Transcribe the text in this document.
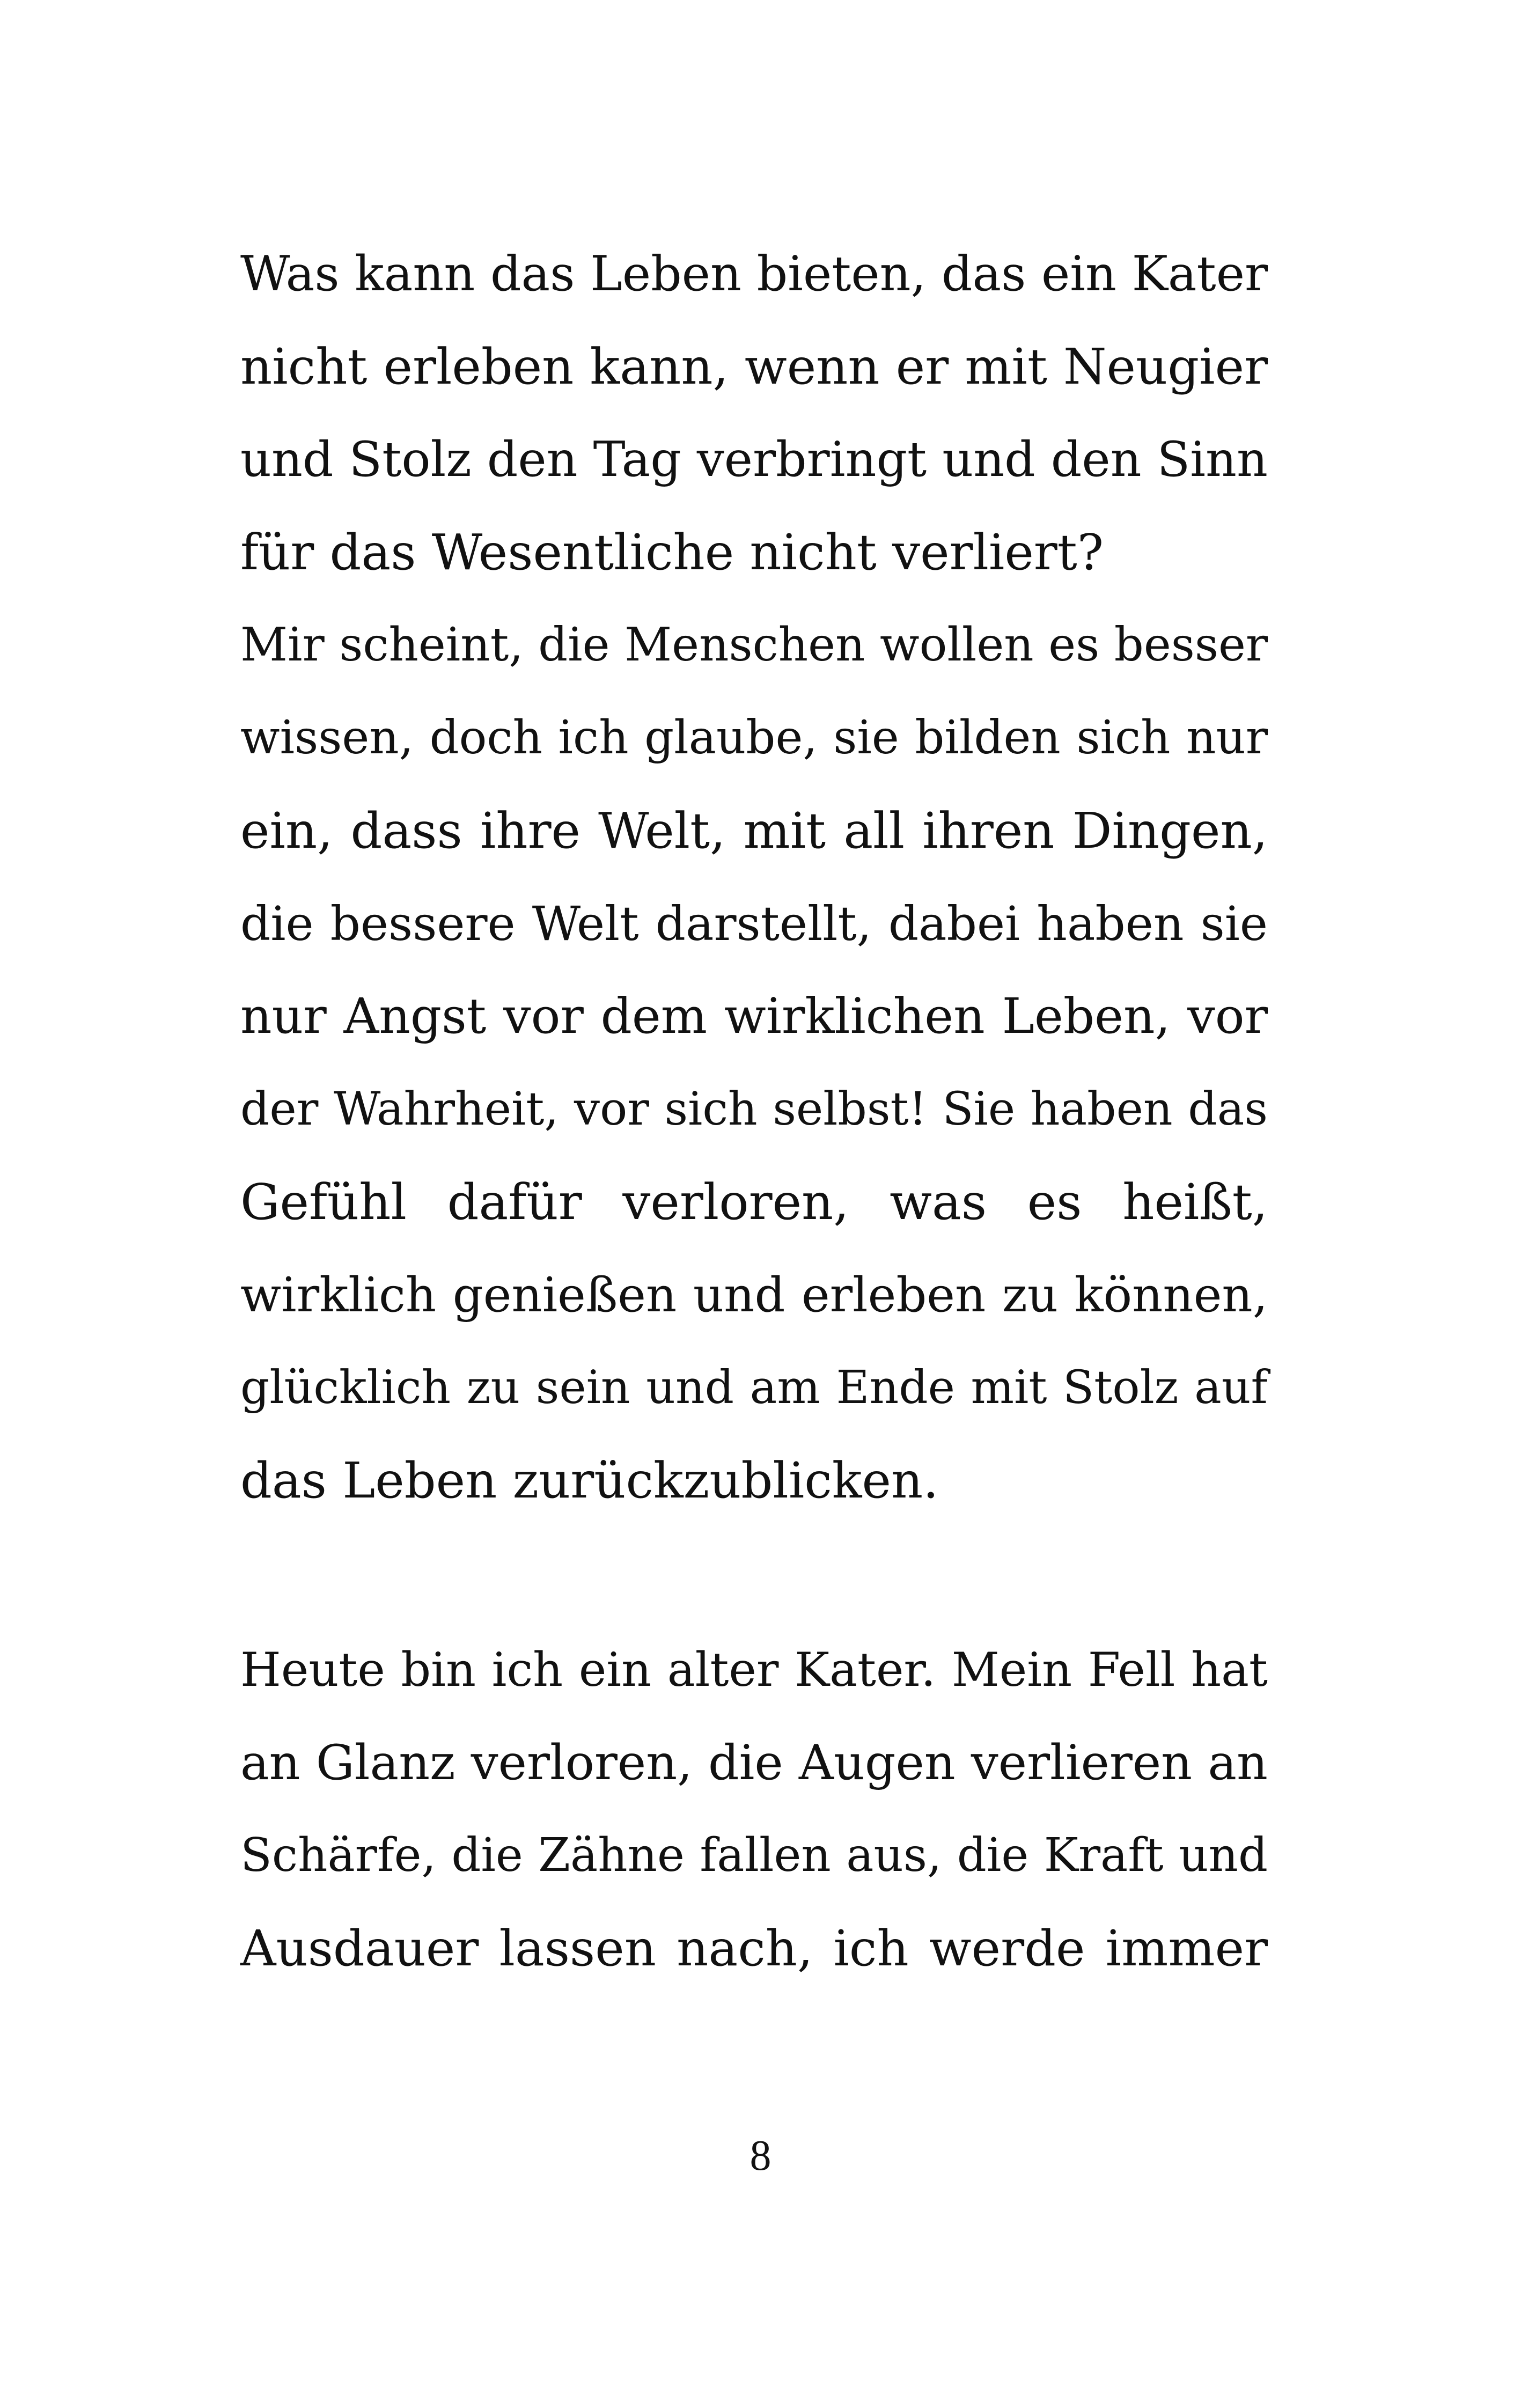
Was kann das Leben bieten, das ein Kater
nicht erleben kann, wenn er mit Neugier
und Stolz den Tag verbringt und den Sinn
für das Wesentliche nicht verliert?
Mir scheint, die Menschen wollen es besser
wissen, doch ich glaube, sie bilden sich nur
ein, dass ihre Welt, mit all ihren Dingen,
die bessere Welt darstellt, dabei haben sie
nur Angst vor dem wirklichen Leben, vor
der Wahrheit, vor sich selbst! Sie haben das
Gefühl dafür verloren, was es heißt,
wirklich genießen und erleben zu können,
glücklich zu sein und am Ende mit Stolz auf
das Leben zurückzublicken.
Heute bin ich ein alter Kater. Mein Fell hat
an Glanz verloren, die Augen verlieren an
Schärfe, die Zähne fallen aus, die Kraft und
Ausdauer lassen nach, ich werde immer
8
